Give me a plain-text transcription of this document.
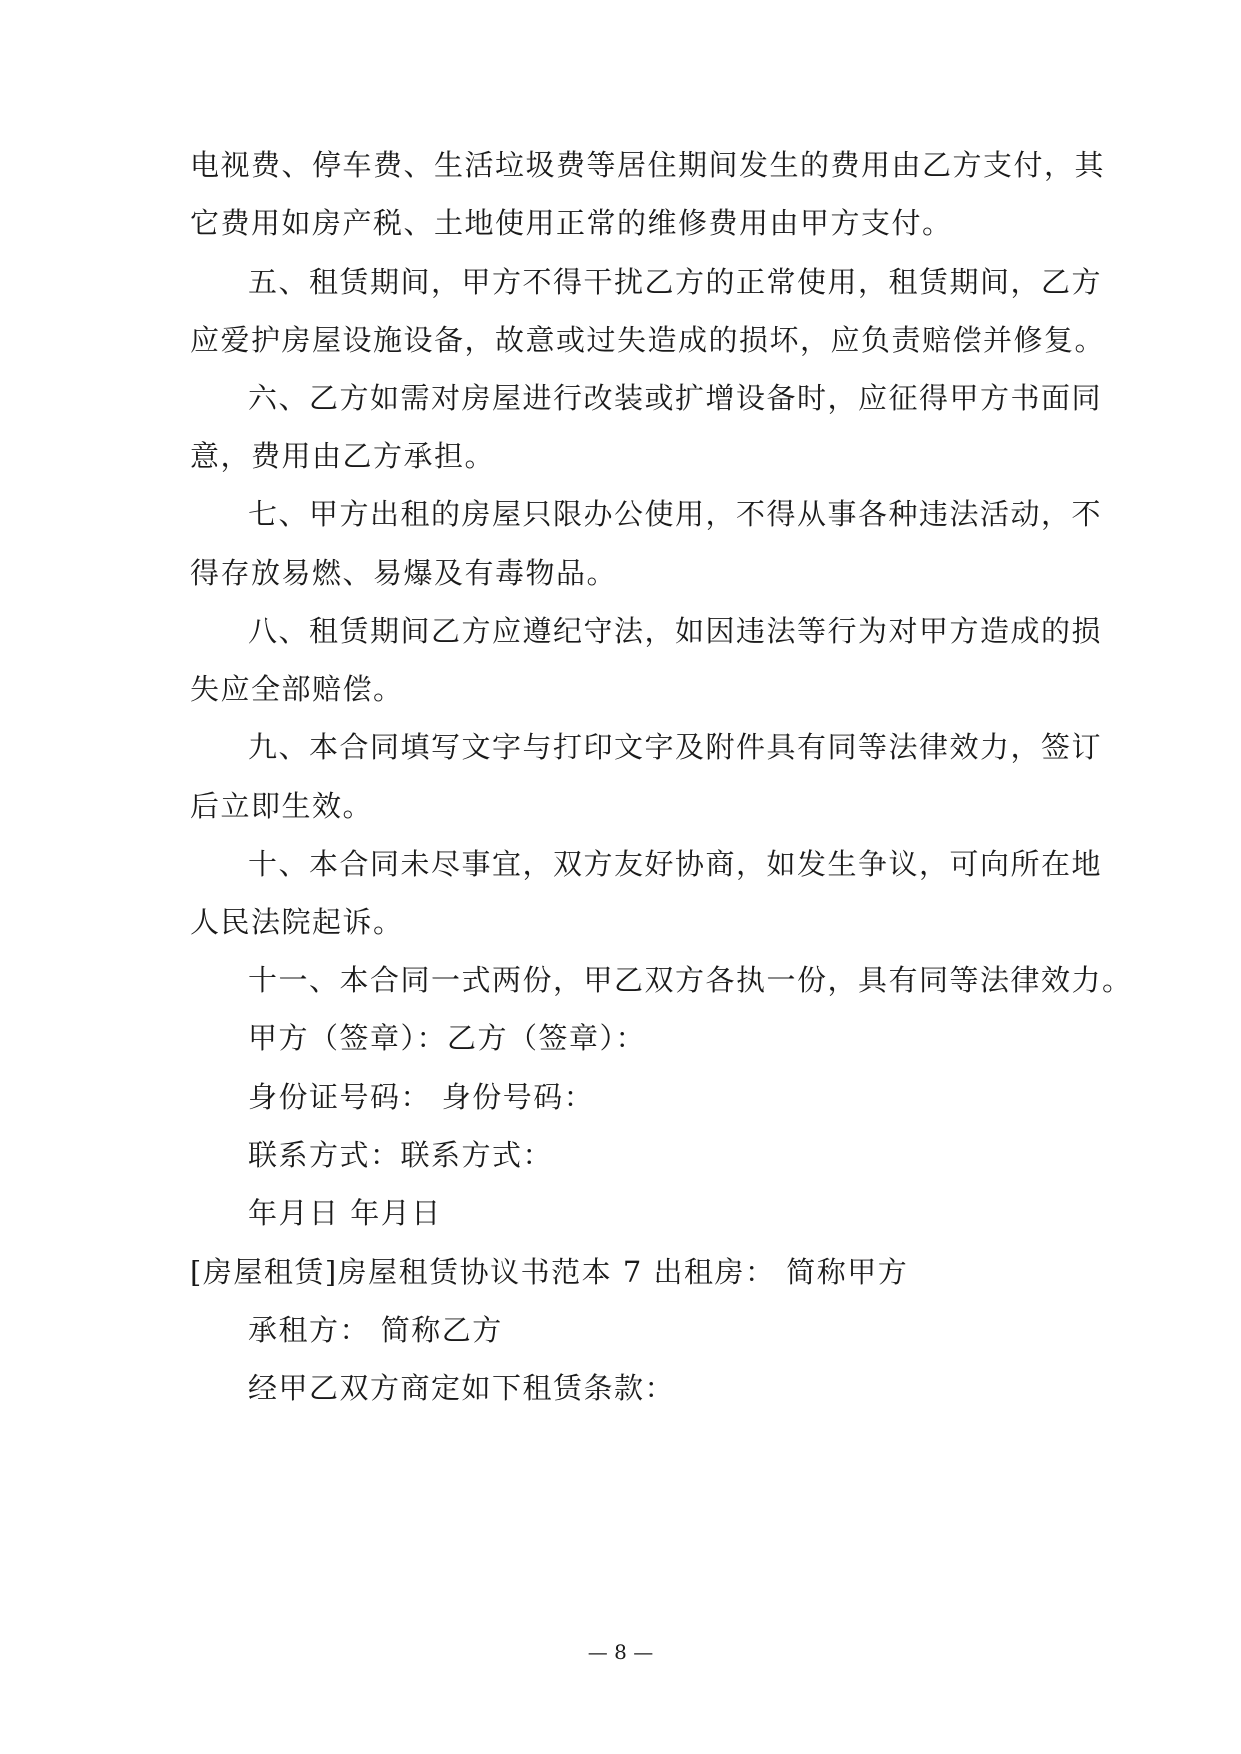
电视费、停车费、生活垃圾费等居住期间发生的费用由乙方支付，其
它费用如房产税、土地使用正常的维修费用由甲方支付。
五、租赁期间，甲方不得干扰乙方的正常使用，租赁期间，乙方
应爱护房屋设施设备，故意或过失造成的损坏，应负责赔偿并修复。
六、乙方如需对房屋进行改装或扩增设备时，应征得甲方书面同
意，费用由乙方承担。
七、甲方出租的房屋只限办公使用，不得从事各种违法活动，不
得存放易燃、易爆及有毒物品。
八、租赁期间乙方应遵纪守法，如因违法等行为对甲方造成的损
失应全部赔偿。
九、本合同填写文字与打印文字及附件具有同等法律效力，签订
后立即生效。
十、本合同未尽事宜，双方友好协商，如发生争议，可向所在地
人民法院起诉。
十一、本合同一式两份，甲乙双方各执一份，具有同等法律效力。
甲方（签章）：乙方（签章）：
身份证号码： 身份号码：
联系方式：联系方式：
年月日 年月日
[房屋租赁]房屋租赁协议书范本 7 出租房： 简称甲方
承租方： 简称乙方
经甲乙双方商定如下租赁条款：
— 8 —
